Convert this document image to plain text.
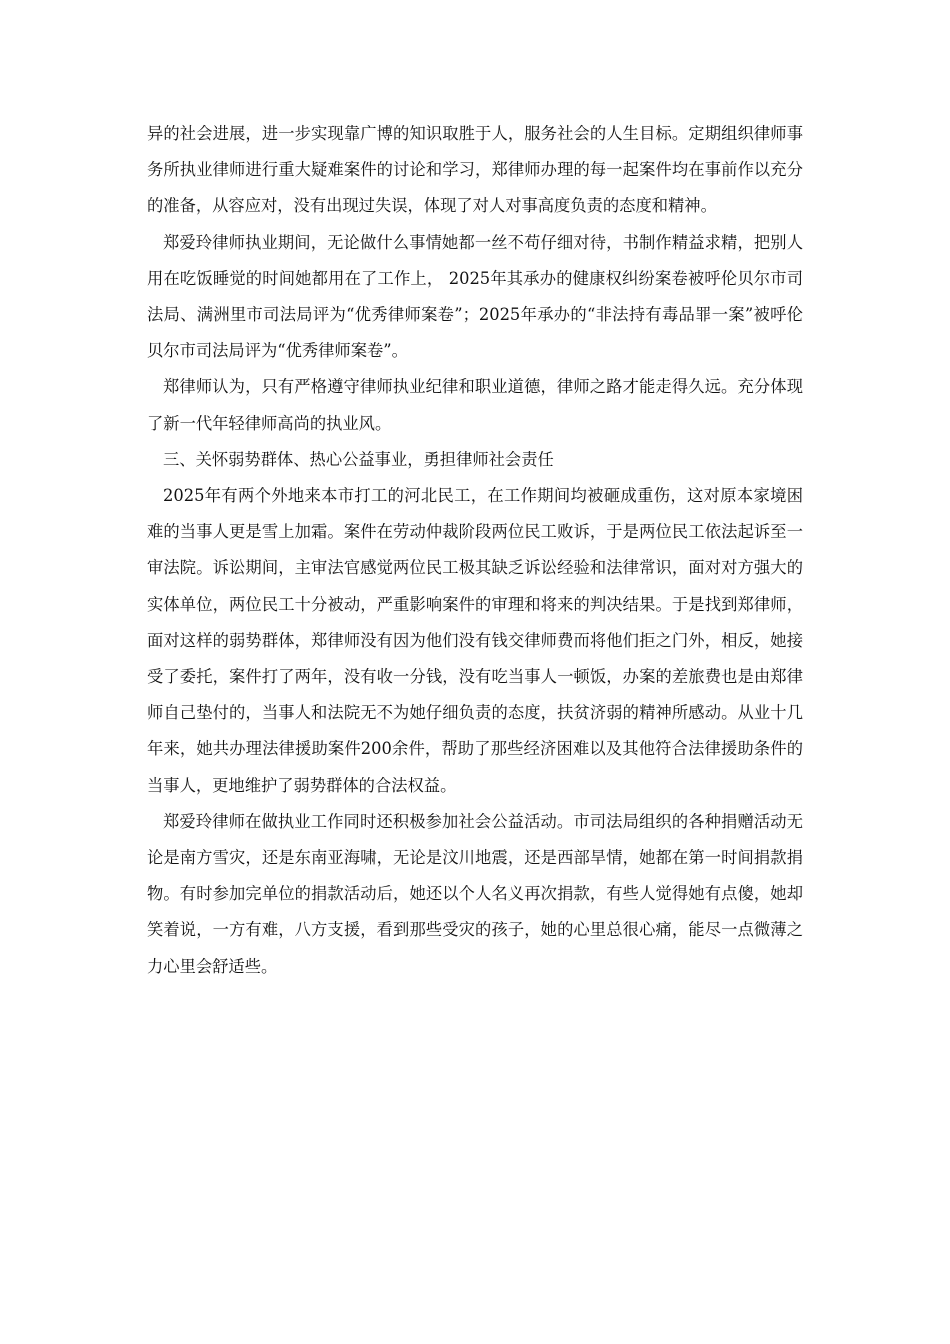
异的社会进展，进一步实现靠广博的知识取胜于人，服务社会的人生目标。定期组织律师事务所执业律师进行重大疑难案件的讨论和学习，郑律师办理的每一起案件均在事前作以充分的准备，从容应对，没有出现过失误，体现了对人对事高度负责的态度和精神。

郑爱玲律师执业期间，无论做什么事情她都一丝不苟仔细对待，书制作精益求精，把别人用在吃饭睡觉的时间她都用在了工作上， 2025年其承办的健康权纠纷案卷被呼伦贝尔市司法局、满洲里市司法局评为“优秀律师案卷”；2025年承办的“非法持有毒品罪一案”被呼伦贝尔市司法局评为“优秀律师案卷”。

郑律师认为，只有严格遵守律师执业纪律和职业道德，律师之路才能走得久远。充分体现了新一代年轻律师高尚的执业风。

三、关怀弱势群体、热心公益事业，勇担律师社会责任

2025年有两个外地来本市打工的河北民工，在工作期间均被砸成重伤，这对原本家境困难的当事人更是雪上加霜。案件在劳动仲裁阶段两位民工败诉，于是两位民工依法起诉至一审法院。诉讼期间，主审法官感觉两位民工极其缺乏诉讼经验和法律常识，面对对方强大的实体单位，两位民工十分被动，严重影响案件的审理和将来的判决结果。于是找到郑律师，面对这样的弱势群体，郑律师没有因为他们没有钱交律师费而将他们拒之门外，相反，她接受了委托，案件打了两年，没有收一分钱，没有吃当事人一顿饭，办案的差旅费也是由郑律师自己垫付的，当事人和法院无不为她仔细负责的态度，扶贫济弱的精神所感动。从业十几年来，她共办理法律援助案件200余件，帮助了那些经济困难以及其他符合法律援助条件的当事人，更地维护了弱势群体的合法权益。

郑爱玲律师在做执业工作同时还积极参加社会公益活动。市司法局组织的各种捐赠活动无论是南方雪灾，还是东南亚海啸，无论是汶川地震，还是西部旱情，她都在第一时间捐款捐物。有时参加完单位的捐款活动后，她还以个人名义再次捐款，有些人觉得她有点傻，她却笑着说，一方有难，八方支援，看到那些受灾的孩子，她的心里总很心痛，能尽一点微薄之力心里会舒适些。
